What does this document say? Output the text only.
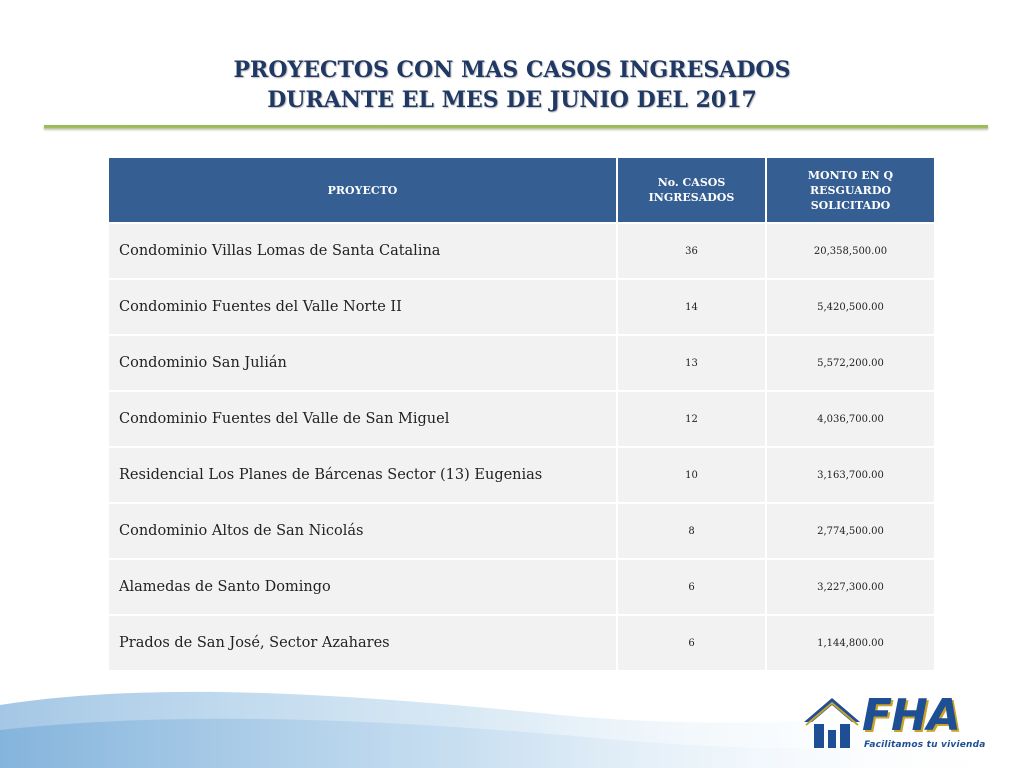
PROYECTOS CON MAS CASOS INGRESADOS
DURANTE EL MES DE JUNIO DEL 2017
PROYECTO	No. CASOS INGRESADOS	MONTO EN Q RESGUARDO SOLICITADO
Condominio Villas Lomas de Santa Catalina	36	20,358,500.00
Condominio Fuentes del Valle Norte II	14	5,420,500.00
Condominio San Julián	13	5,572,200.00
Condominio Fuentes del Valle de San Miguel	12	4,036,700.00
Residencial Los Planes de Bárcenas Sector (13) Eugenias	10	3,163,700.00
Condominio Altos de San Nicolás	8	2,774,500.00
Alamedas de Santo Domingo	6	3,227,300.00
Prados de San José, Sector Azahares	6	1,144,800.00
FHA
Facilitamos tu vivienda
